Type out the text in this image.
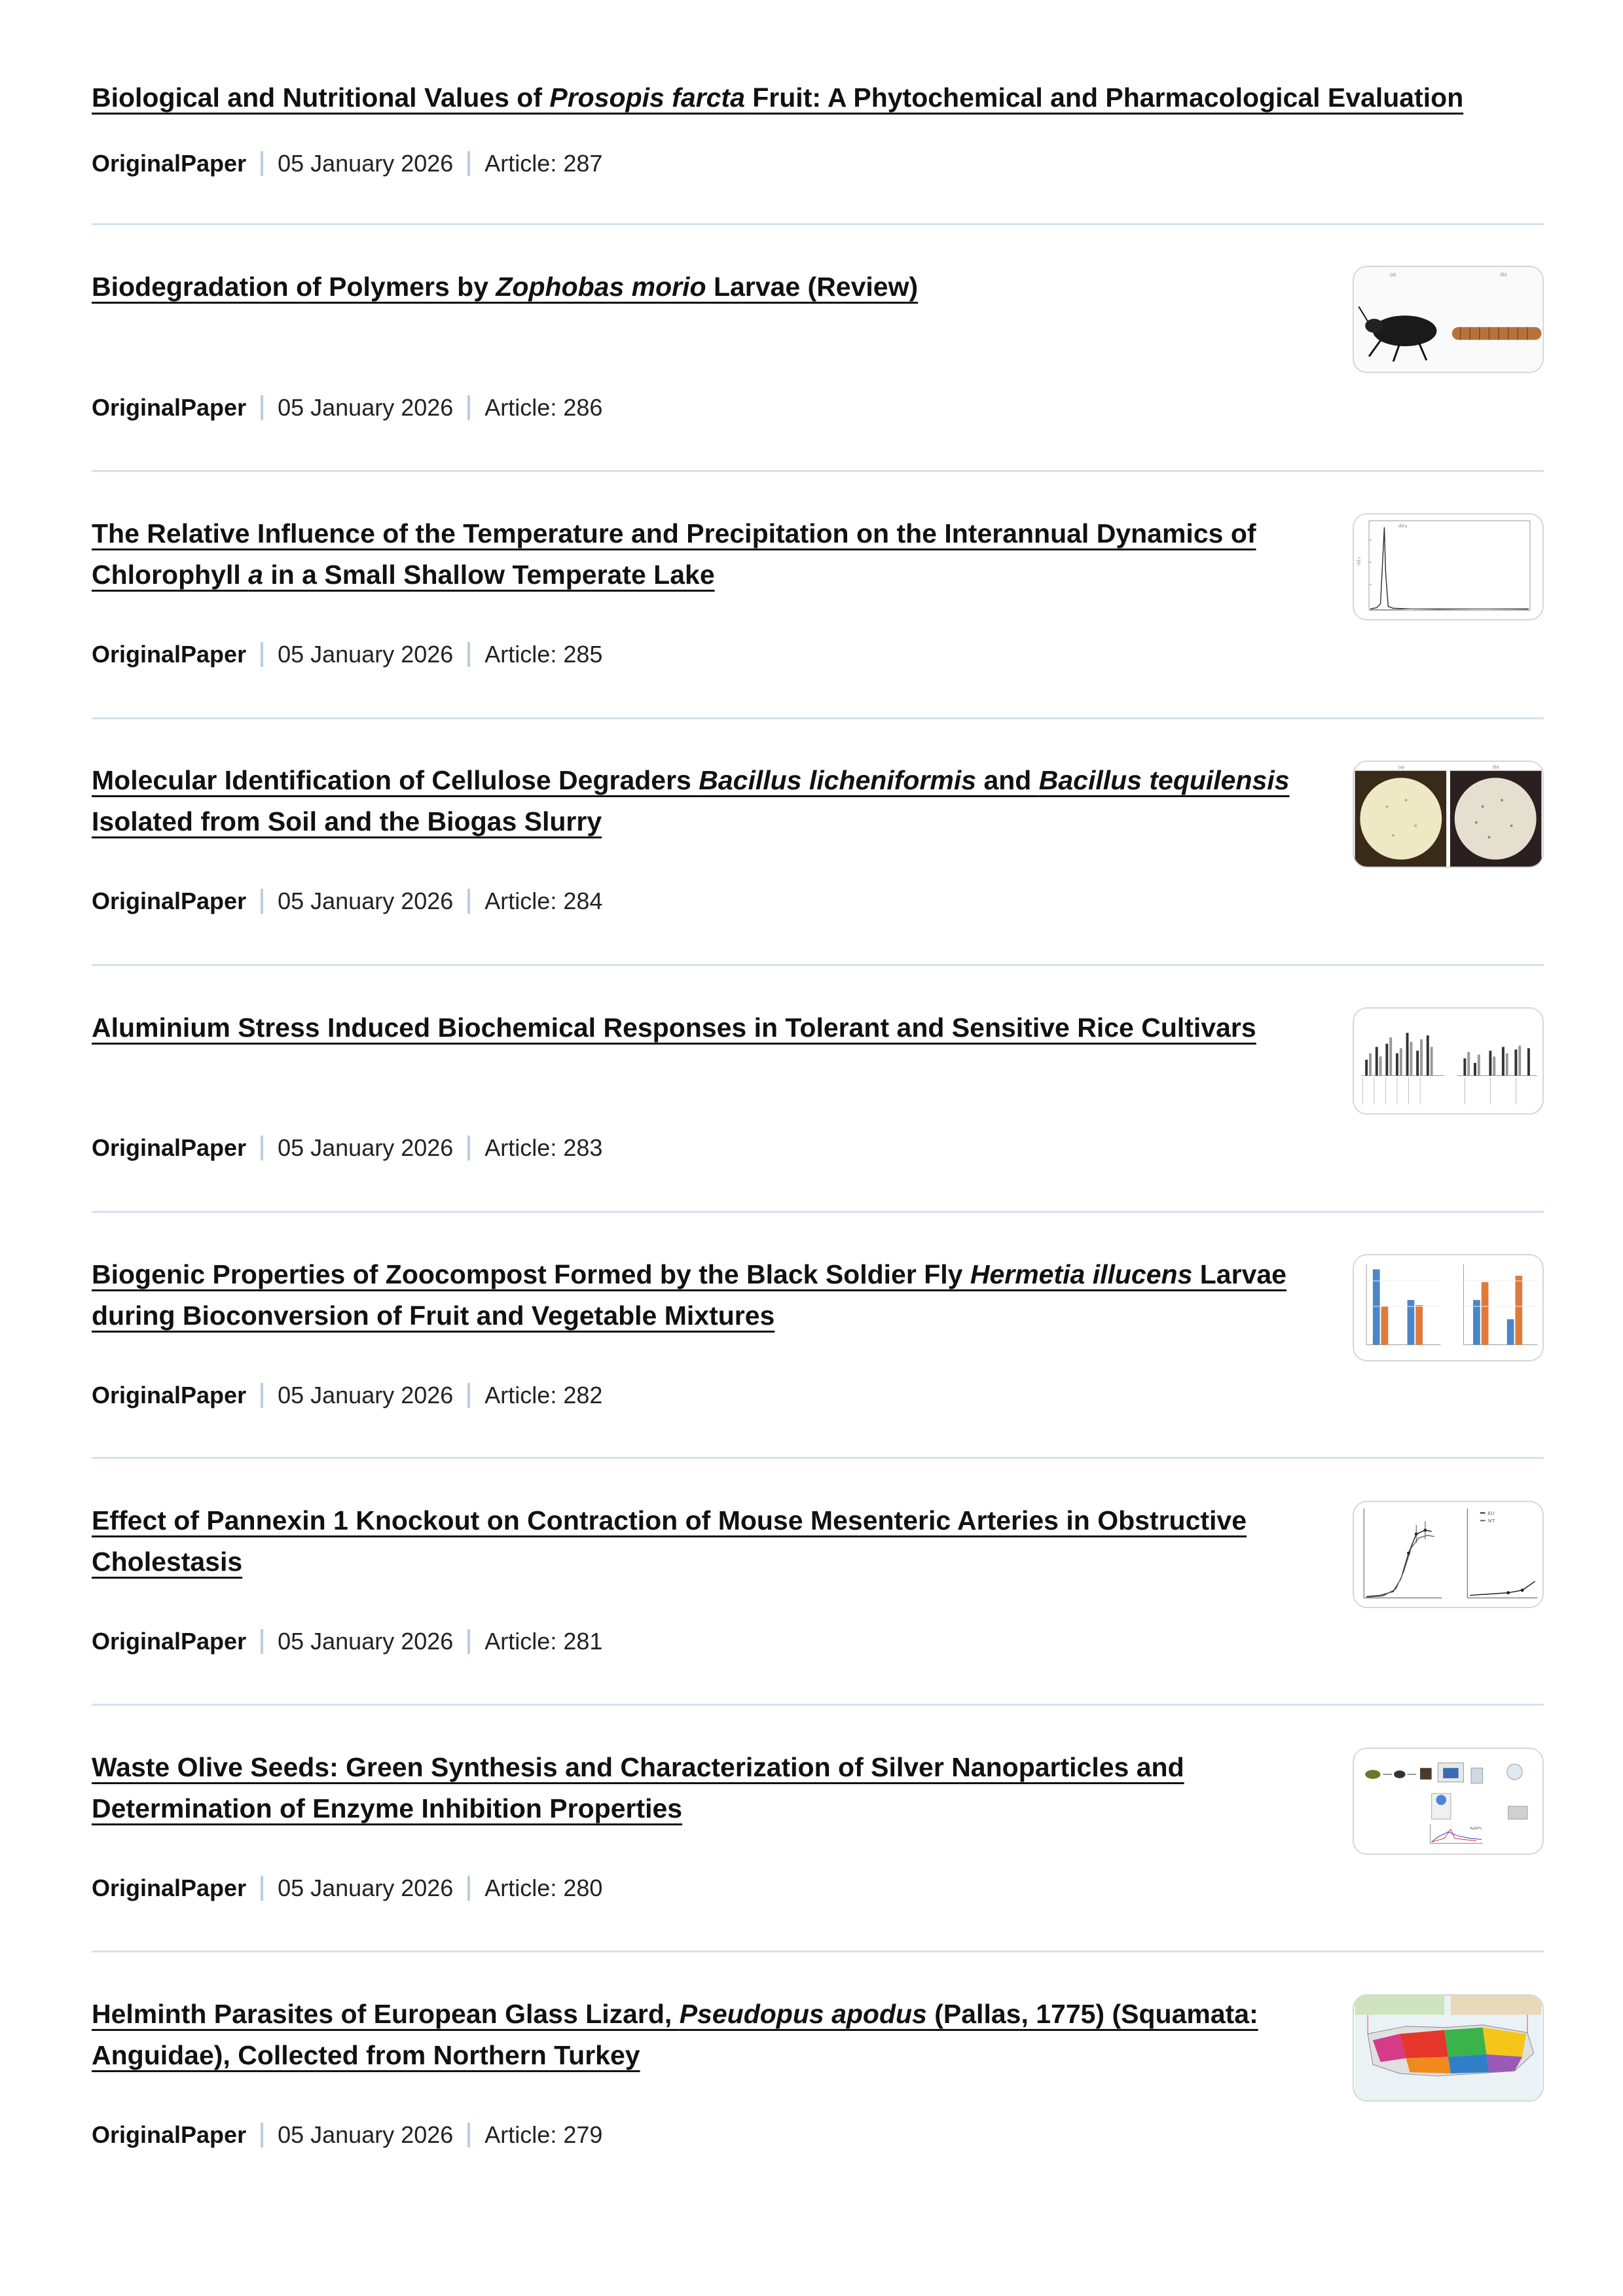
Biological and Nutritional Values of Prosopis farcta Fruit: A Phytochemical and Pharmacological Evaluation
OriginalPaper 05 January 2026 Article: 287
Biodegradation of Polymers by Zophobas morio Larvae (Review)	(a)	(b)
OriginalPaper 05 January 2026 Article: 286
The Relative Influence of the Temperature and Precipitation on the Interannual Dynamics of Chlorophyll a in a Small Shallow Temperate Lake	chl a
chl a
OriginalPaper 05 January 2026 Article: 285
Molecular Identification of Cellulose Degraders Bacillus licheniformis and Bacillus tequilensis Isolated from Soil and the Biogas Slurry
(a)	(b)
OriginalPaper 05 January 2026 Article: 284
Aluminium Stress Induced Biochemical Responses in Tolerant and Sensitive Rice Cultivars
OriginalPaper 05 January 2026 Article: 283
Biogenic Properties of Zoocompost Formed by the Black Soldier Fly Hermetia illucens Larvae during Bioconversion of Fruit and Vegetable Mixtures
OriginalPaper 05 January 2026 Article: 282
Effect of Pannexin 1 Knockout on Contraction of Mouse Mesenteric Arteries in Obstructive Cholestasis
KO
WT
OriginalPaper 05 January 2026 Article: 281
Waste Olive Seeds: Green Synthesis and Characterization of Silver Nanoparticles and Determination of Enzyme Inhibition Properties
AgNPs
OriginalPaper 05 January 2026 Article: 280
Helminth Parasites of European Glass Lizard, Pseudopus apodus (Pallas, 1775) (Squamata: Anguidae), Collected from Northern Turkey
OriginalPaper 05 January 2026 Article: 279
